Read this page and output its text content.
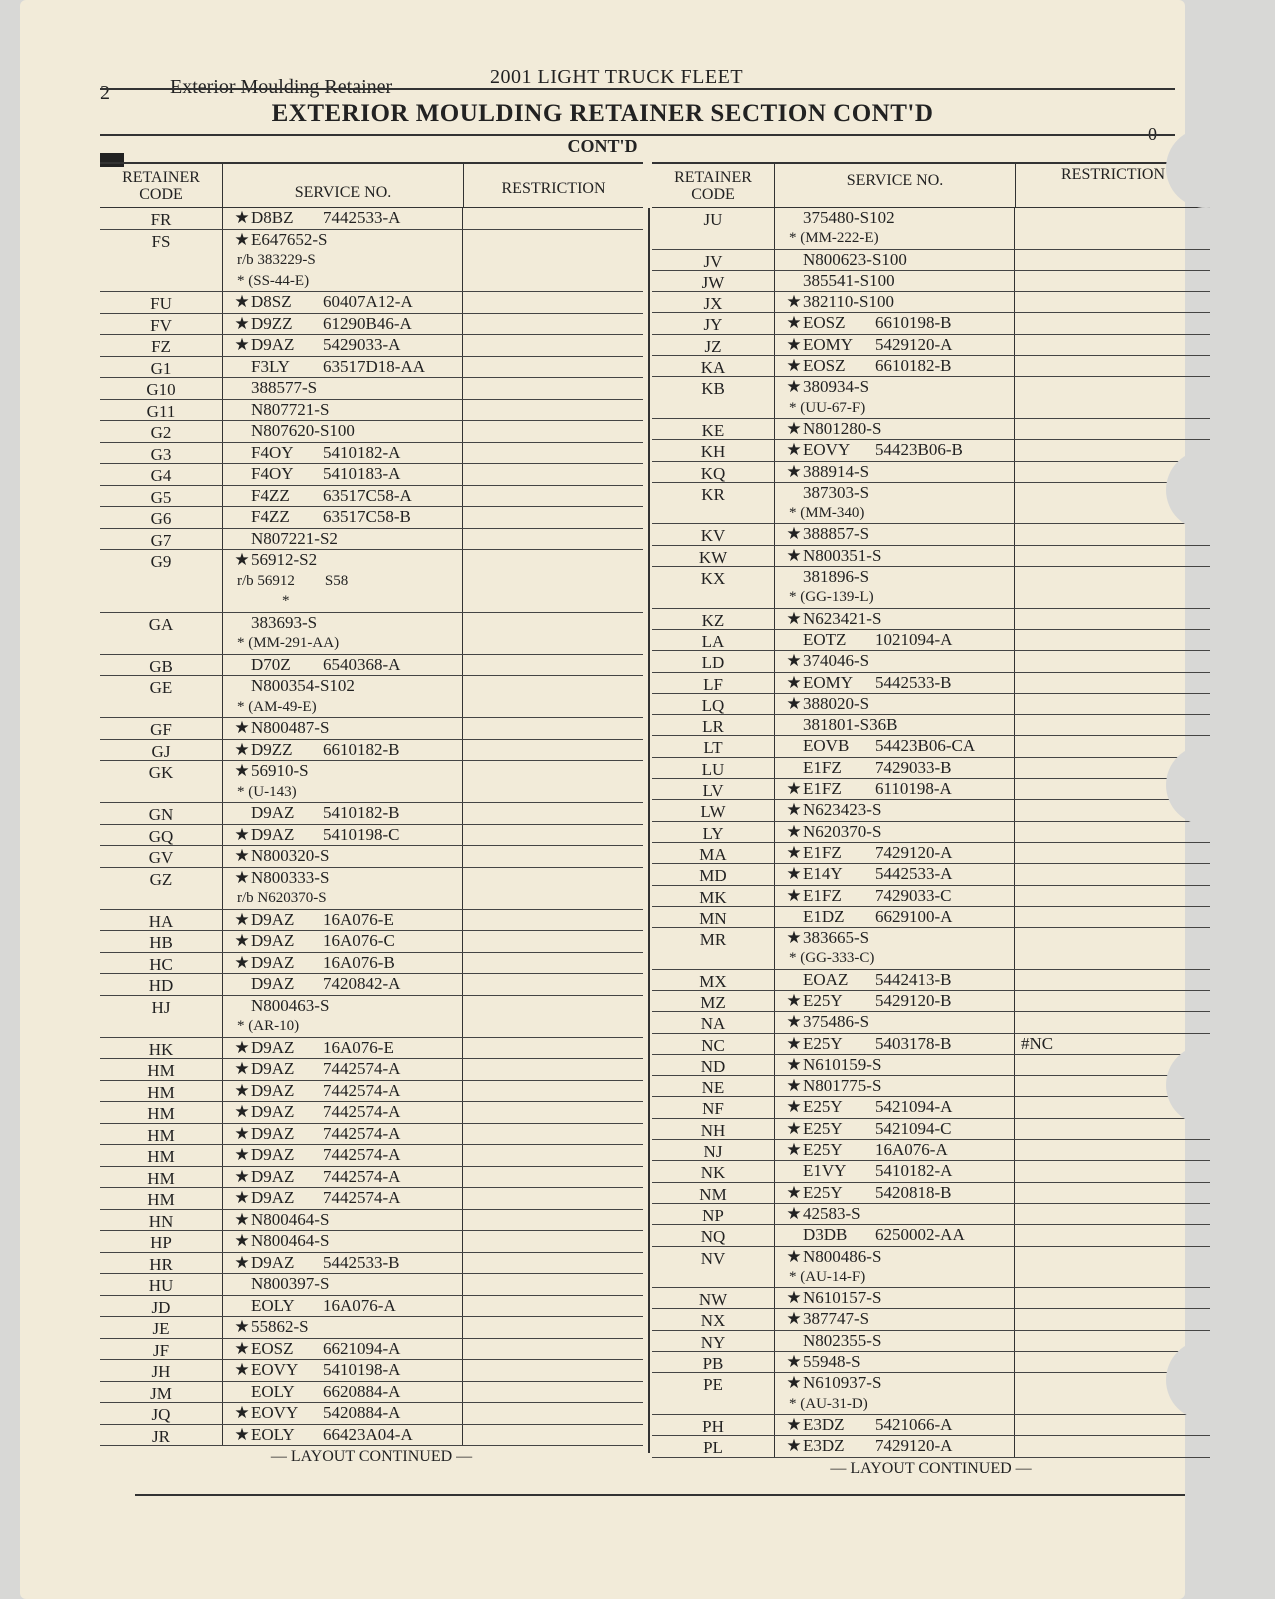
2	Exterior Moulding Retainer	2001 LIGHT TRUCK FLEET
EXTERIOR MOULDING RETAINER SECTION CONT'D
0
CONT'D
RETAINER CODE	SERVICE NO.	RESTRICTION
FR	★ D8BZ	7442533-A
FS	★ E647652-S
r/b 383229-S
* (SS-44-E)
FU	★ D8SZ	60407A12-A
FV	★ D9ZZ	61290B46-A
FZ	★ D9AZ	5429033-A
G1	F3LY	63517D18-AA
G10	388577-S
G11	N807721-S
G2	N807620-S100
G3	F4OY	5410182-A
G4	F4OY	5410183-A
G5	F4ZZ	63517C58-A
G6	F4ZZ	63517C58-B
G7	N807221-S2
G9	★ 56912-S2
r/b 56912        S58
*
GA	383693-S
* (MM-291-AA)
GB	D70Z	6540368-A
GE	N800354-S102
* (AM-49-E)
GF	★ N800487-S
GJ	★ D9ZZ	6610182-B
GK	★ 56910-S
* (U-143)
GN	D9AZ	5410182-B
GQ	★ D9AZ	5410198-C
GV	★ N800320-S
GZ	★ N800333-S
r/b N620370-S
HA	★ D9AZ	16A076-E
HB	★ D9AZ	16A076-C
HC	★ D9AZ	16A076-B
HD	D9AZ	7420842-A
HJ	N800463-S
* (AR-10)
HK	★ D9AZ	16A076-E
HM	★ D9AZ	7442574-A
HM	★ D9AZ	7442574-A
HM	★ D9AZ	7442574-A
HM	★ D9AZ	7442574-A
HM	★ D9AZ	7442574-A
HM	★ D9AZ	7442574-A
HM	★ D9AZ	7442574-A
HN	★ N800464-S
HP	★ N800464-S
HR	★ D9AZ	5442533-B
HU	N800397-S
JD	EOLY	16A076-A
JE	★ 55862-S
JF	★ EOSZ	6621094-A
JH	★ EOVY	5410198-A
JM	EOLY	6620884-A
JQ	★ EOVY	5420884-A
JR	★ EOLY	66423A04-A
— LAYOUT CONTINUED —
RETAINER CODE
SERVICE NO.	RESTRICTION
JU	375480-S102
* (MM-222-E)
JV	N800623-S100
JW	385541-S100
JX	★ 382110-S100
JY	★ EOSZ	6610198-B
JZ	★ EOMY	5429120-A
KA	★ EOSZ	6610182-B
KB	★ 380934-S
* (UU-67-F)
KE	★ N801280-S
KH	★ EOVY	54423B06-B
KQ	★ 388914-S
KR	387303-S
* (MM-340)
KV	★ 388857-S
KW	★ N800351-S
KX	381896-S
* (GG-139-L)
KZ	★ N623421-S
LA	EOTZ	1021094-A
LD	★ 374046-S
LF	★ EOMY	5442533-B
LQ	★ 388020-S
LR	381801-S36B
LT	EOVB	54423B06-CA
LU	E1FZ	7429033-B
LV	★ E1FZ	6110198-A
LW	★ N623423-S
LY	★ N620370-S
MA	★ E1FZ	7429120-A
MD	★ E14Y	5442533-A
MK	★ E1FZ	7429033-C
MN	E1DZ	6629100-A
MR	★ 383665-S
* (GG-333-C)
MX	EOAZ	5442413-B
MZ	★ E25Y	5429120-B
NA	★ 375486-S
NC	★ E25Y	5403178-B	#NC
ND	★ N610159-S
NE	★ N801775-S
NF	★ E25Y	5421094-A
NH	★ E25Y	5421094-C
NJ	★ E25Y	16A076-A
NK	E1VY	5410182-A
NM	★ E25Y	5420818-B
NP	★ 42583-S
NQ	D3DB	6250002-AA
NV	★ N800486-S
* (AU-14-F)
NW	★ N610157-S
NX	★ 387747-S
NY	N802355-S
PB	★ 55948-S
PE	★ N610937-S
* (AU-31-D)
PH	★ E3DZ	5421066-A
PL	★ E3DZ	7429120-A
— LAYOUT CONTINUED —
